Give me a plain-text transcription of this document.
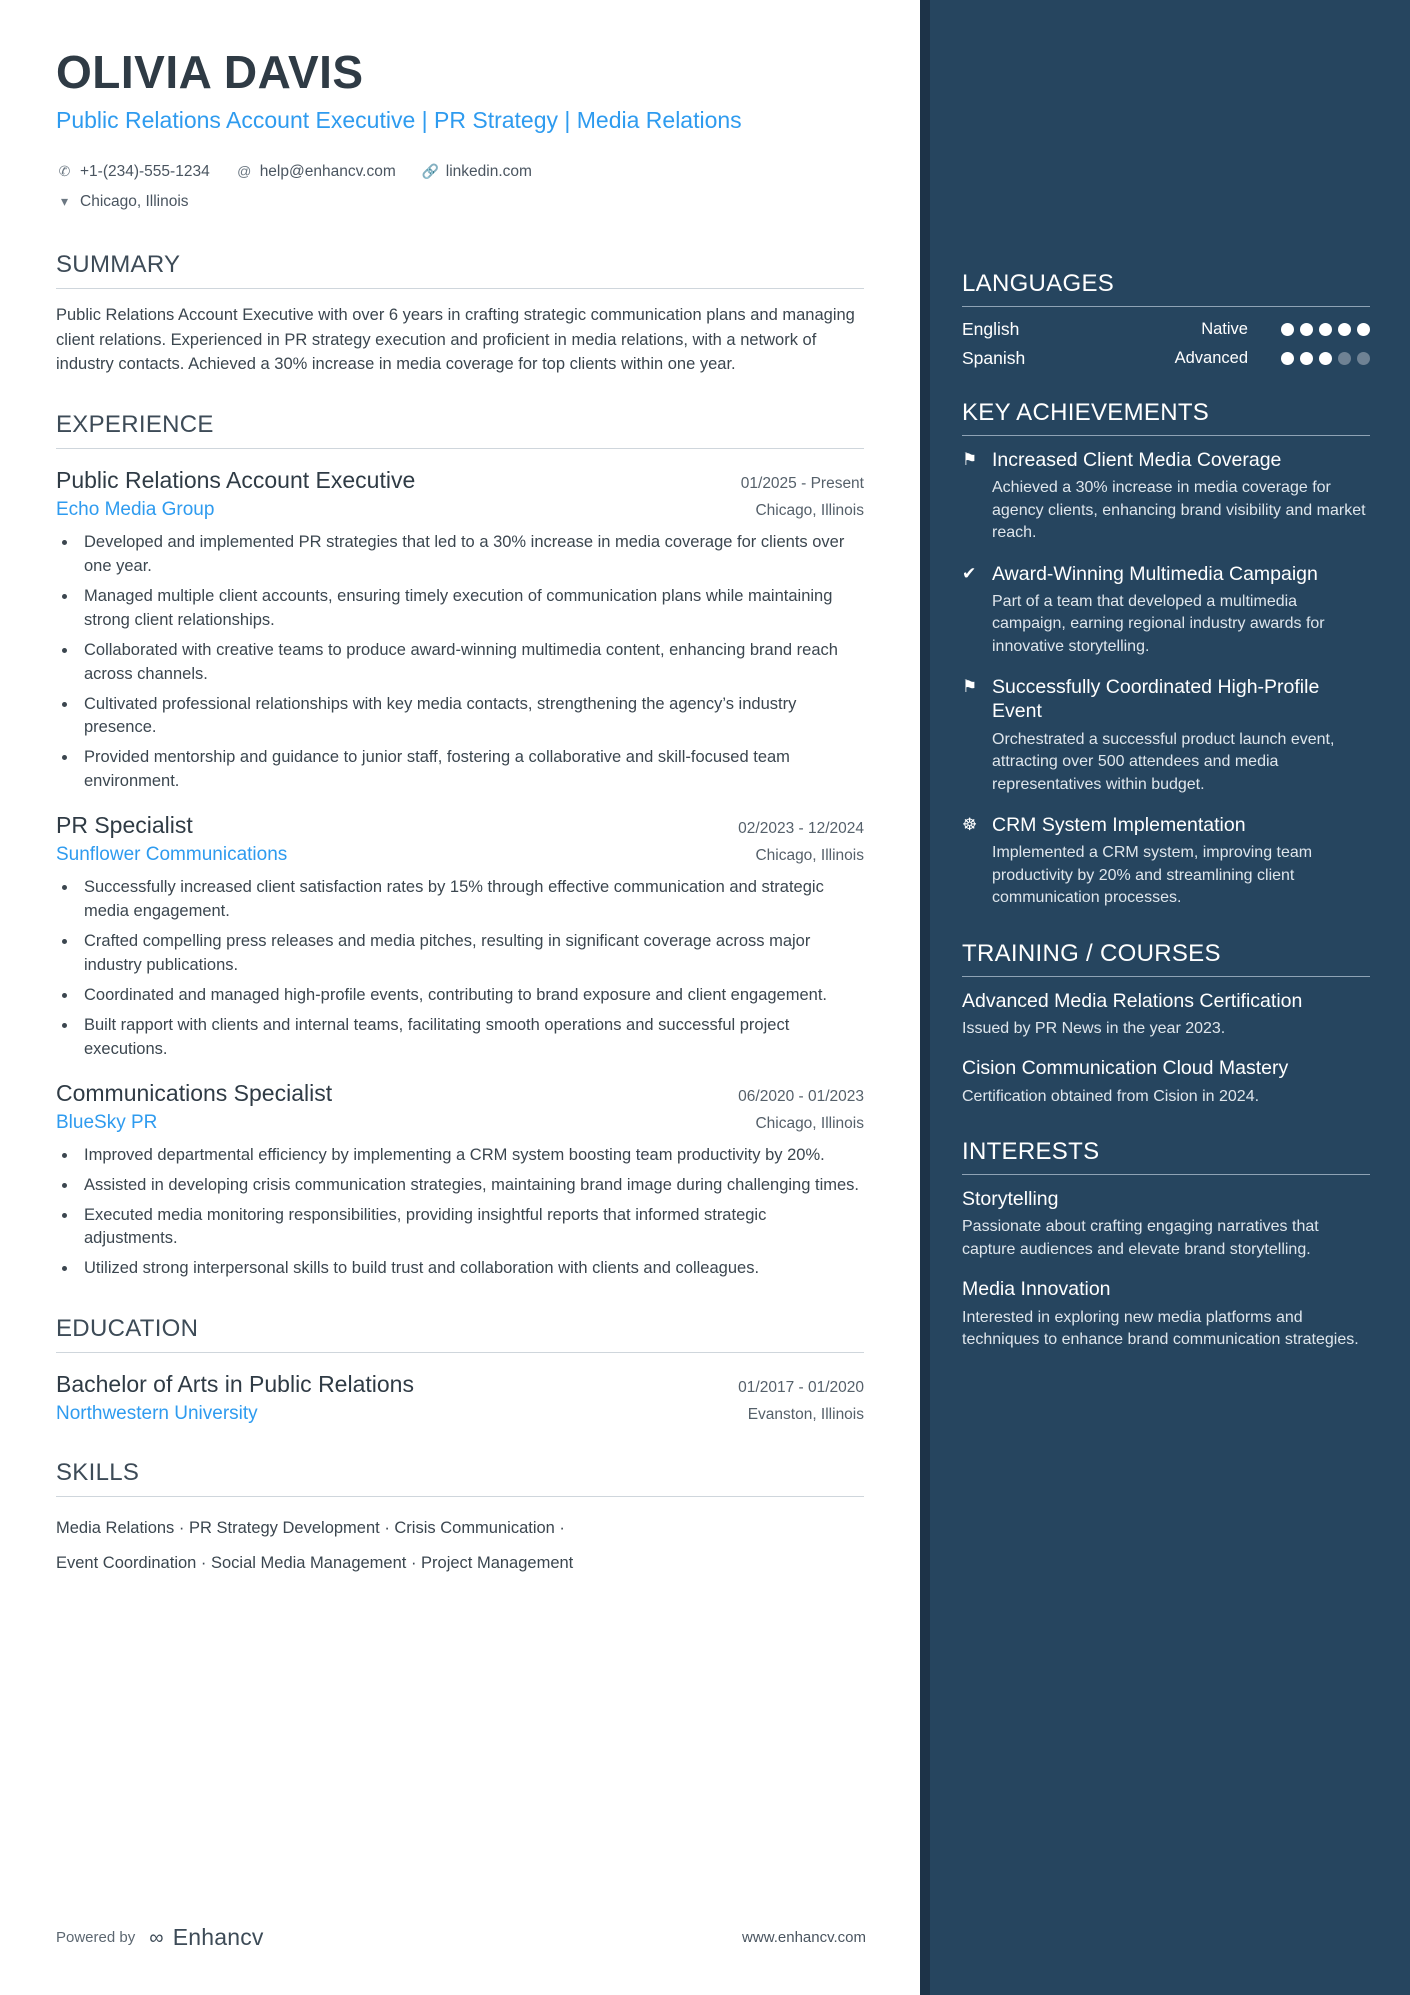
OLIVIA DAVIS
Public Relations Account Executive | PR Strategy | Media Relations
✆ +1-(234)-555-1234 @ help@enhancv.com 🔗 linkedin.com

▾ Chicago, Illinois
SUMMARY

Public Relations Account Executive with over 6 years in crafting strategic communication plans and managing client relations. Experienced in PR strategy execution and proficient in media relations, with a network of industry contacts. Achieved a 30% increase in media coverage for top clients within one year.

EXPERIENCE
Public Relations Account Executive	01/2025 - Present
Echo Media Group	Chicago, Illinois
• Developed and implemented PR strategies that led to a 30% increase in media coverage for clients over one year.
• Managed multiple client accounts, ensuring timely execution of communication plans while maintaining strong client relationships.
• Collaborated with creative teams to produce award-winning multimedia content, enhancing brand reach across channels.
• Cultivated professional relationships with key media contacts, strengthening the agency’s industry presence.
• Provided mentorship and guidance to junior staff, fostering a collaborative and skill-focused team environment.
PR Specialist	02/2023 - 12/2024
Sunflower Communications	Chicago, Illinois
• Successfully increased client satisfaction rates by 15% through effective communication and strategic media engagement.
• Crafted compelling press releases and media pitches, resulting in significant coverage across major industry publications.
• Coordinated and managed high-profile events, contributing to brand exposure and client engagement.
• Built rapport with clients and internal teams, facilitating smooth operations and successful project executions.
Communications Specialist	06/2020 - 01/2023
BlueSky PR	Chicago, Illinois
• Improved departmental efficiency by implementing a CRM system boosting team productivity by 20%.
• Assisted in developing crisis communication strategies, maintaining brand image during challenging times.
• Executed media monitoring responsibilities, providing insightful reports that informed strategic adjustments.
• Utilized strong interpersonal skills to build trust and collaboration with clients and colleagues.
EDUCATION
Bachelor of Arts in Public Relations	01/2017 - 01/2020
Northwestern University	Evanston, Illinois
SKILLS
Media Relations · PR Strategy Development · Crisis Communication ·
Event Coordination · Social Media Management · Project Management
Powered by ∞ Enhancv	www.enhancv.com
LANGUAGES
English	Native
Spanish	Advanced
KEY ACHIEVEMENTS
⚑ Increased Client Media Coverage
Achieved a 30% increase in media coverage for agency clients, enhancing brand visibility and market reach.
✔ Award-Winning Multimedia Campaign
Part of a team that developed a multimedia campaign, earning regional industry awards for innovative storytelling.
⚑ Successfully Coordinated High-Profile Event
Orchestrated a successful product launch event, attracting over 500 attendees and media representatives within budget.
☸ CRM System Implementation
Implemented a CRM system, improving team productivity by 20% and streamlining client communication processes.
TRAINING / COURSES
Advanced Media Relations Certification
Issued by PR News in the year 2023.
Cision Communication Cloud Mastery
Certification obtained from Cision in 2024.
INTERESTS
Storytelling
Passionate about crafting engaging narratives that capture audiences and elevate brand storytelling.
Media Innovation
Interested in exploring new media platforms and techniques to enhance brand communication strategies.
